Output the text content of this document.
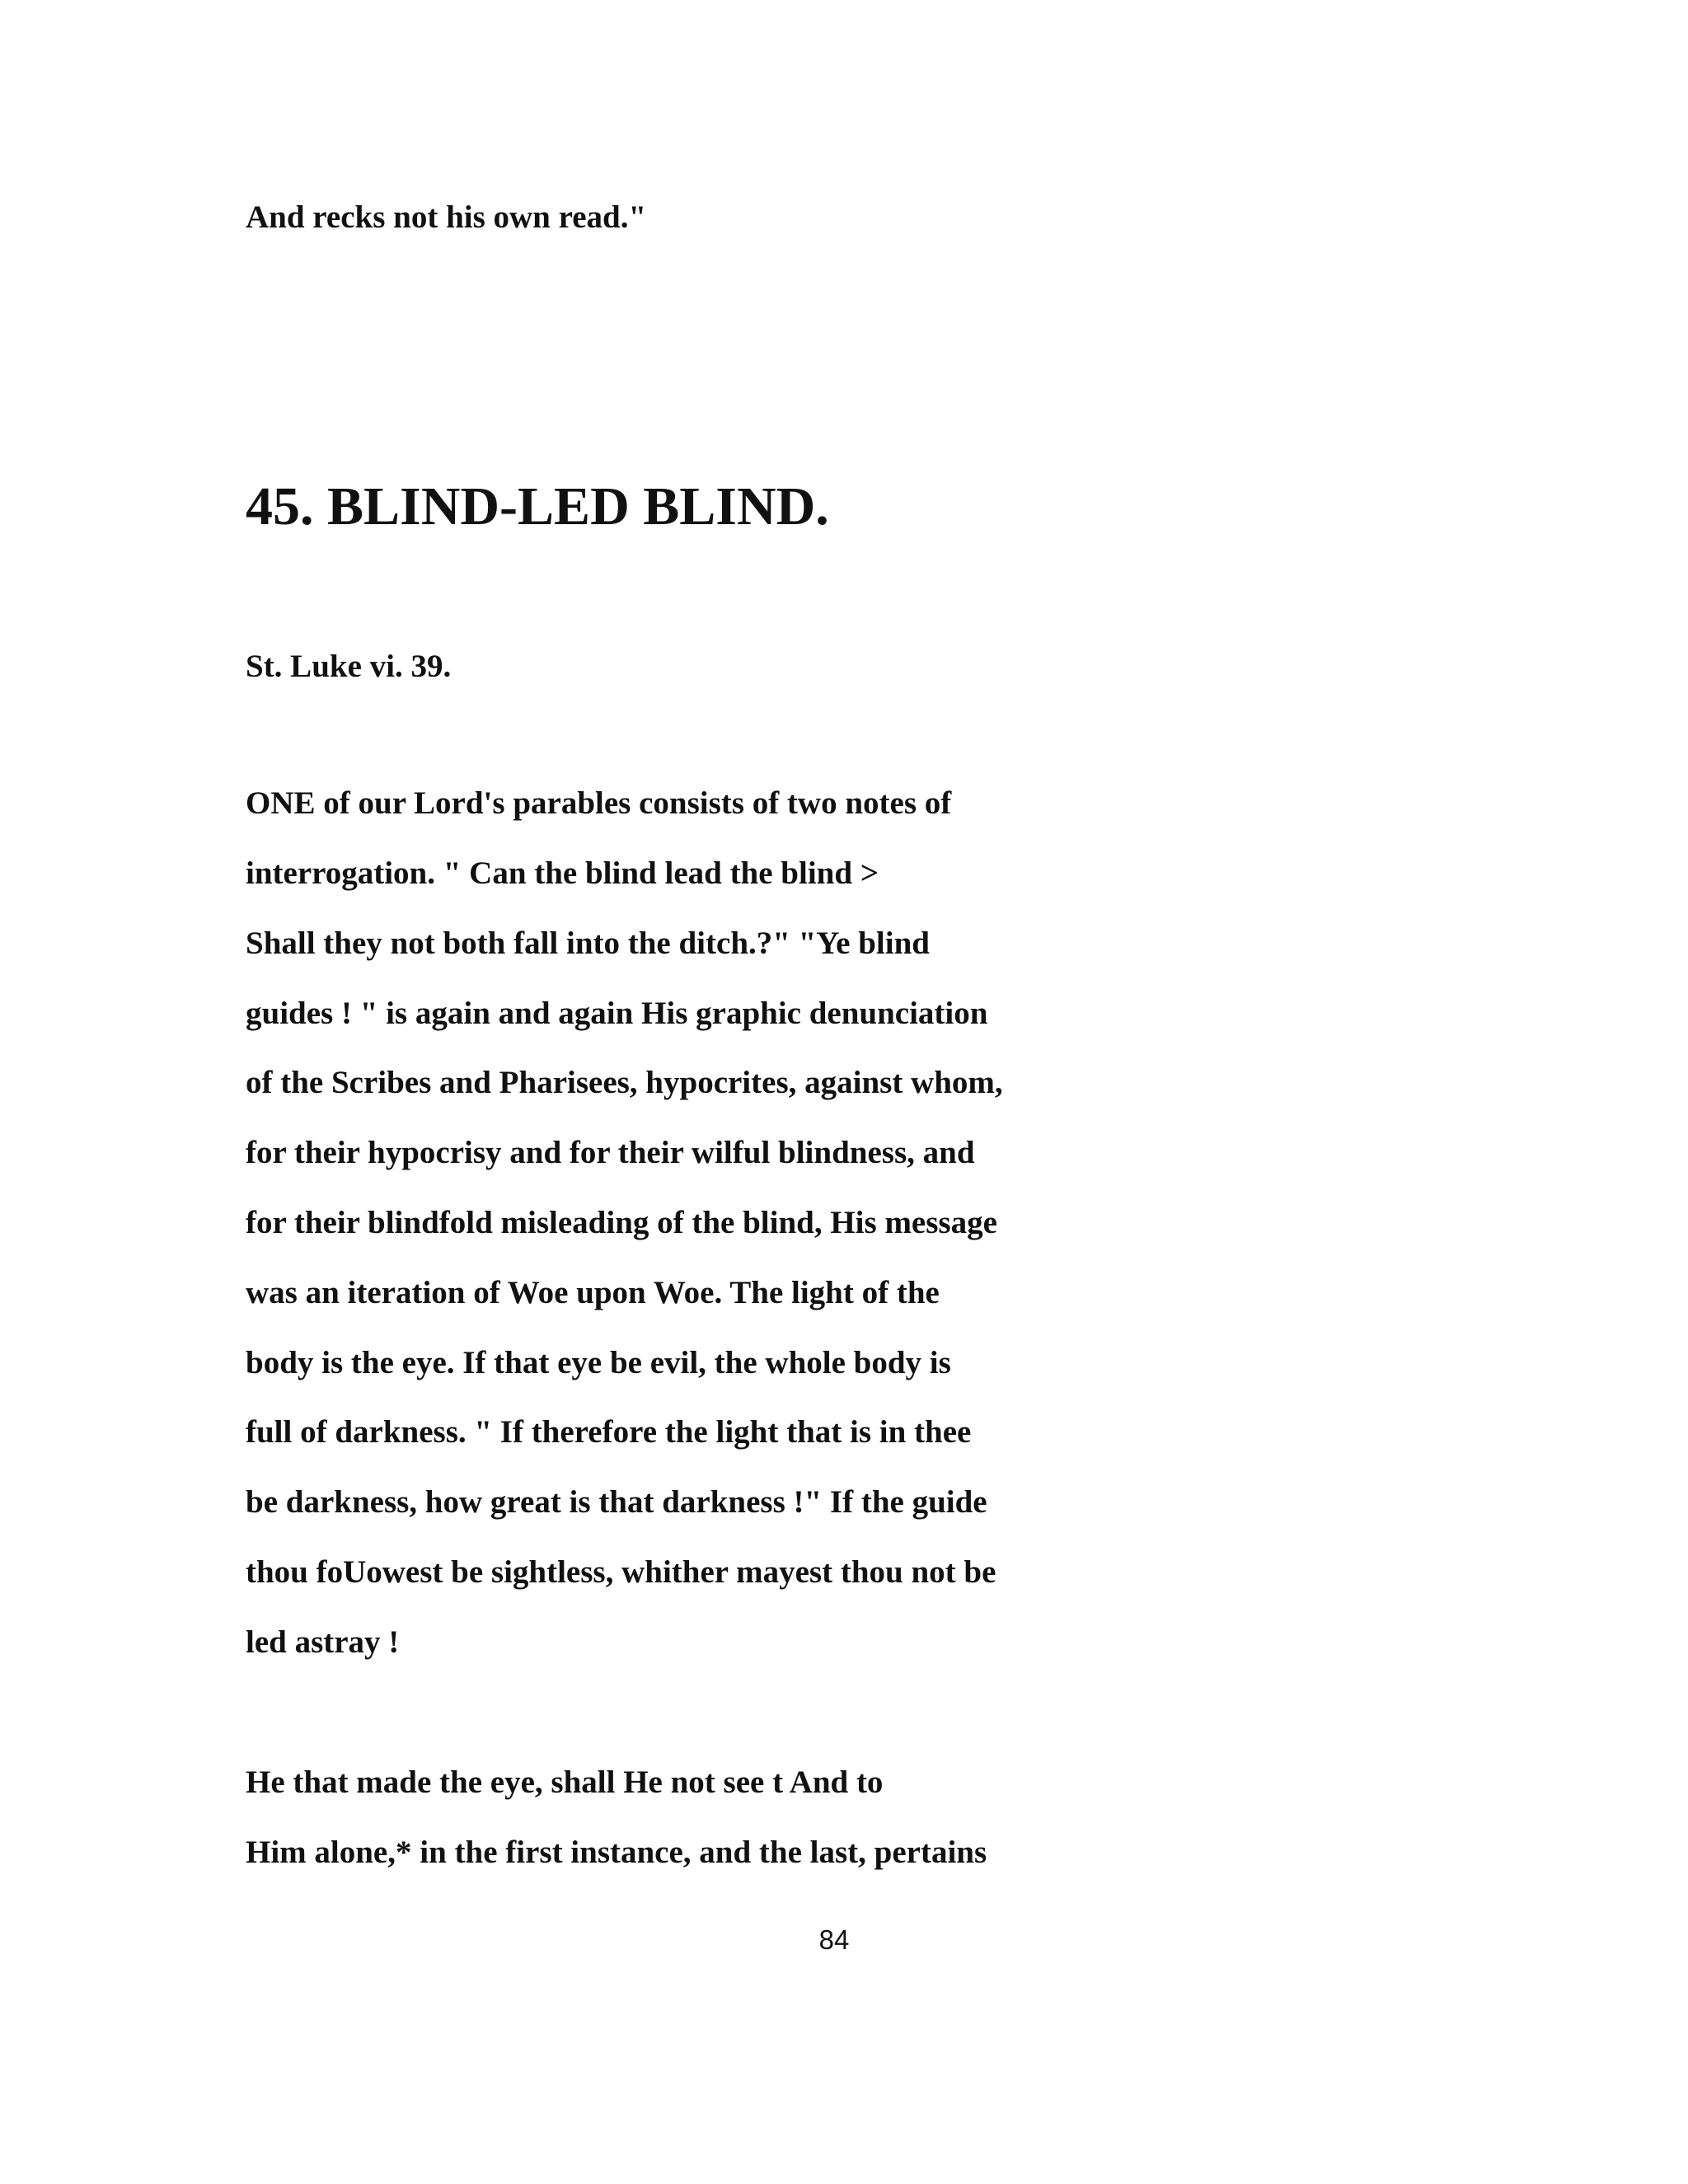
And recks not his own read."

45. BLIND-LED BLIND.

St. Luke vi. 39.

ONE of our Lord's parables consists of two notes of

interrogation. " Can the blind lead the blind >

Shall they not both fall into the ditch.?" "Ye blind

guides ! " is again and again His graphic denunciation

of the Scribes and Pharisees, hypocrites, against whom,

for their hypocrisy and for their wilful blindness, and

for their blindfold misleading of the blind, His message

was an iteration of Woe upon Woe. The light of the

body is the eye. If that eye be evil, the whole body is

full of darkness. " If therefore the light that is in thee

be darkness, how great is that darkness !" If the guide

thou foUowest be sightless, whither mayest thou not be

led astray !

He that made the eye, shall He not see t And to

Him alone,* in the first instance, and the last, pertains

84
